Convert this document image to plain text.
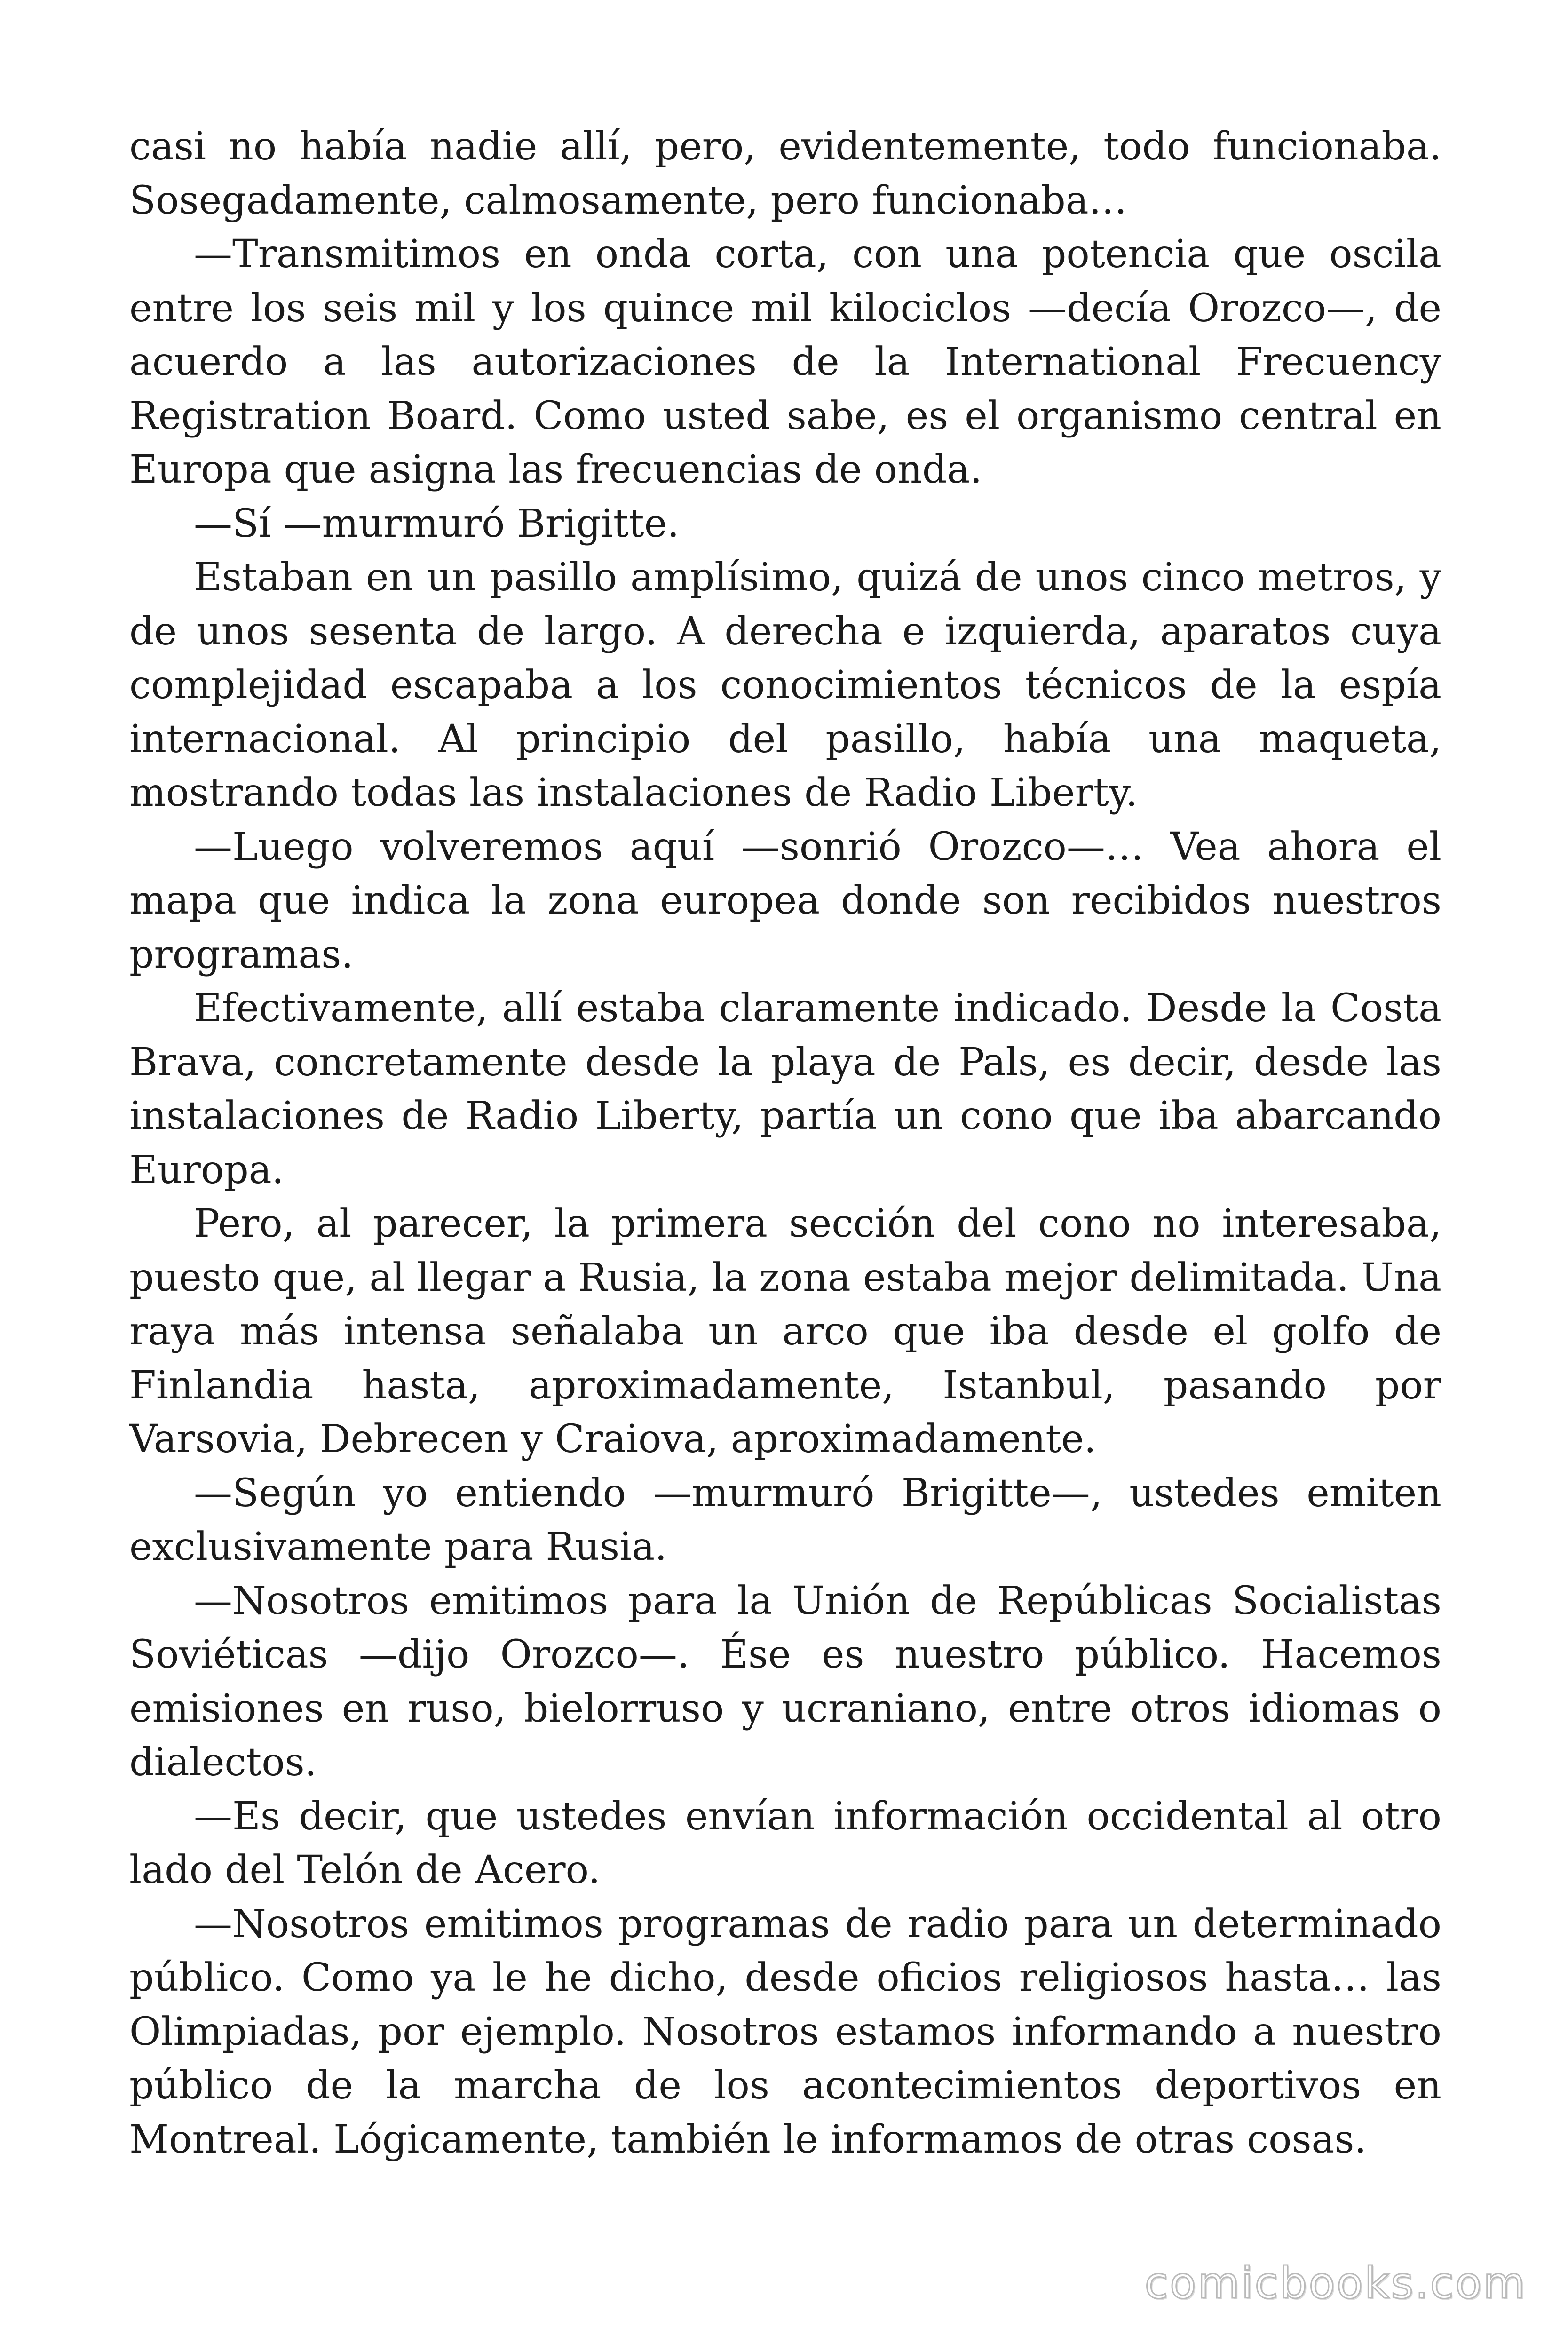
casi no había nadie allí, pero, evidentemente, todo funcionaba. Sosegadamente, calmosamente, pero funcionaba…

—Transmitimos en onda corta, con una potencia que oscila entre los seis mil y los quince mil kilociclos —decía Orozco—, de acuerdo a las autorizaciones de la International Frecuency Registration Board. Como usted sabe, es el organismo central en Europa que asigna las frecuencias de onda.

—Sí —murmuró Brigitte.

Estaban en un pasillo amplísimo, quizá de unos cinco metros, y de unos sesenta de largo. A derecha e izquierda, aparatos cuya complejidad escapaba a los conocimientos técnicos de la espía internacional. Al principio del pasillo, había una maqueta, mostrando todas las instalaciones de Radio Liberty.

—Luego volveremos aquí —sonrió Orozco—… Vea ahora el mapa que indica la zona europea donde son recibidos nuestros programas.

Efectivamente, allí estaba claramente indicado. Desde la Costa Brava, concretamente desde la playa de Pals, es decir, desde las instalaciones de Radio Liberty, partía un cono que iba abarcando Europa.

Pero, al parecer, la primera sección del cono no interesaba, puesto que, al llegar a Rusia, la zona estaba mejor delimitada. Una raya más intensa señalaba un arco que iba desde el golfo de Finlandia hasta, aproximadamente, Istanbul, pasando por Varsovia, Debrecen y Craiova, aproximadamente.

—Según yo entiendo —murmuró Brigitte—, ustedes emiten exclusivamente para Rusia.

—Nosotros emitimos para la Unión de Repúblicas Socialistas Soviéticas —dijo Orozco—. Ése es nuestro público. Hacemos emisiones en ruso, bielorruso y ucraniano, entre otros idiomas o dialectos.

—Es decir, que ustedes envían información occidental al otro lado del Telón de Acero.

—Nosotros emitimos programas de radio para un determinado público. Como ya le he dicho, desde oficios religiosos hasta… las Olimpiadas, por ejemplo. Nosotros estamos informando a nuestro público de la marcha de los acontecimientos deportivos en Montreal. Lógicamente, también le informamos de otras cosas.

comicbooks.com
